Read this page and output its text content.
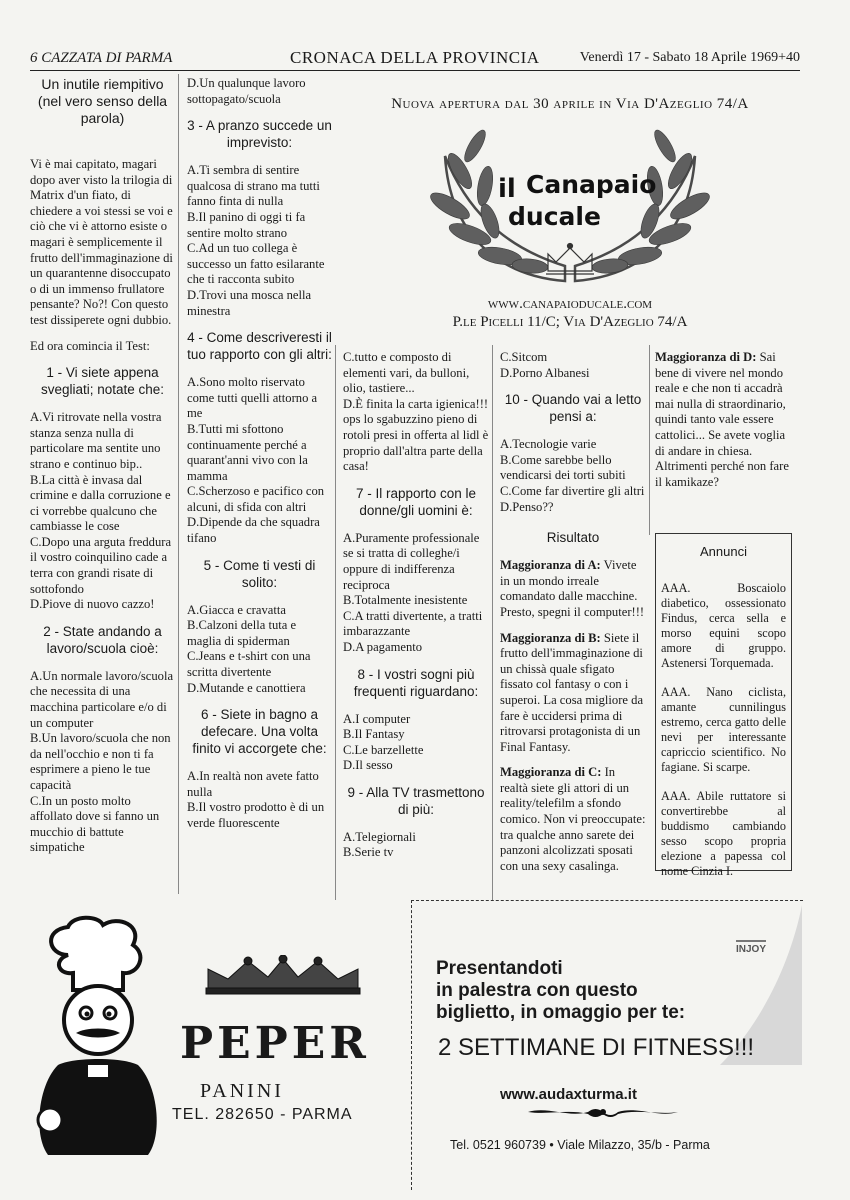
6 CAZZATA DI PARMA	CRONACA DELLA PROVINCIA	Venerdì 17 - Sabato 18 Aprile 1969+40
Un inutile riempitivo (nel vero senso della parola)

Vi è mai capitato, magari dopo aver visto la trilogia di Matrix d'un fiato, di chiedere a voi stessi se voi e ciò che vi è attorno esiste o magari è semplicemente il frutto dell'immaginazione di un quarantenne disoccupato o di un immenso frullatore pensante? No?! Con questo test dissiperete ogni dubbio.

Ed ora comincia il Test:

1 - Vi siete appena svegliati; notate che:

A.Vi ritrovate nella vostra stanza senza nulla di particolare ma sentite uno strano e continuo bip..

B.La città è invasa dal crimine e dalla corruzione e ci vorrebbe qualcuno che cambiasse le cose

C.Dopo una arguta freddura il vostro coinquilino cade a terra con grandi risate di sottofondo

D.Piove di nuovo cazzo!

2 - State andando a lavoro/scuola cioè:

A.Un normale lavoro/scuola che necessita di una macchina particolare e/o di un computer

B.Un lavoro/scuola che non da nell'occhio e non ti fa esprimere a pieno le tue capacità

C.In un posto molto affollato dove si fanno un mucchio di battute simpatiche

D.Un qualunque lavoro sottopagato/scuola

3 - A pranzo succede un imprevisto:

A.Ti sembra di sentire qualcosa di strano ma tutti fanno finta di nulla

B.Il panino di oggi ti fa sentire molto strano

C.Ad un tuo collega è successo un fatto esilarante che ti racconta subito

D.Trovi una mosca nella minestra

4 - Come descriveresti il tuo rapporto con gli altri:

A.Sono molto riservato come tutti quelli attorno a me

B.Tutti mi sfottono continuamente perché a quarant'anni vivo con la mamma

C.Scherzoso e pacifico con alcuni, di sfida con altri

D.Dipende da che squadra tifano

5 - Come ti vesti di solito:

A.Giacca e cravatta

B.Calzoni della tuta e maglia di spiderman

C.Jeans e t-shirt con una scritta divertente

D.Mutande e canottiera

6 - Siete in bagno a defecare. Una volta finito vi accorgete che:

A.In realtà non avete fatto nulla

B.Il vostro prodotto è di un verde fluorescente

Nuova apertura dal 30 aprile in Via D'Azeglio 74/A
il Canapaio
ducale
www.canapaioducale.com
P.le Picelli 11/C; Via D'Azeglio 74/A

C.tutto e composto di elementi vari, da bulloni, olio, tastiere...

D.È finita la carta igienica!!! ops lo sgabuzzino pieno di rotoli presi in offerta al lidl è proprio dall'altra parte della casa!

7 - Il rapporto con le donne/gli uomini è:

A.Puramente professionale se si tratta di colleghe/i oppure di indifferenza reciproca

B.Totalmente inesistente

C.A tratti divertente, a tratti imbarazzante

D.A pagamento

8 - I vostri sogni più frequenti riguardano:

A.I computer

B.Il Fantasy

C.Le barzellette

D.Il sesso

9 - Alla TV trasmettono di più:

A.Telegiornali

B.Serie tv

C.Sitcom

D.Porno Albanesi

10 - Quando vai a letto pensi a:

A.Tecnologie varie

B.Come sarebbe bello vendicarsi dei torti subiti

C.Come far divertire gli altri

D.Penso??

Risultato

Maggioranza di A: Vivete in un mondo irreale comandato dalle macchine. Presto, spegni il computer!!!

Maggioranza di B: Siete il frutto dell'immaginazione di un chissà quale sfigato fissato col fantasy o con i superoi. La cosa migliore da fare è uccidersi prima di ritrovarsi protagonista di un Final Fantasy.

Maggioranza di C: In realtà siete gli attori di un reality/telefilm a sfondo comico. Non vi preoccupate: tra qualche anno sarete dei panzoni alcolizzati sposati con una sexy casalinga.

Maggioranza di D: Sai bene di vivere nel mondo reale e che non ti accadrà mai nulla di straordinario, quindi tanto vale essere cattolici... Se avete voglia di andare in chiesa. Altrimenti perché non fare il kamikaze?

Annunci

AAA. Boscaiolo diabetico, ossessionato Findus, cerca sella e morso equini scopo amore di gruppo. Astenersi Torquemada.

AAA. Nano ciclista, amante cunnilingus estremo, cerca gatto delle nevi per interessante capriccio scientifico. No fagiane. Si scarpe.

AAA. Abile ruttatore si convertirebbe al buddismo cambiando sesso scopo propria elezione a papessa col nome Cinzia I.

PEPER
PANINI
TEL. 282650 - PARMA
INJOY
Presentandoti
in palestra con questo
biglietto, in omaggio per te:
2 SETTIMANE DI FITNESS!!!
www.audaxturma.it
Tel. 0521 960739 • Viale Milazzo, 35/b - Parma
